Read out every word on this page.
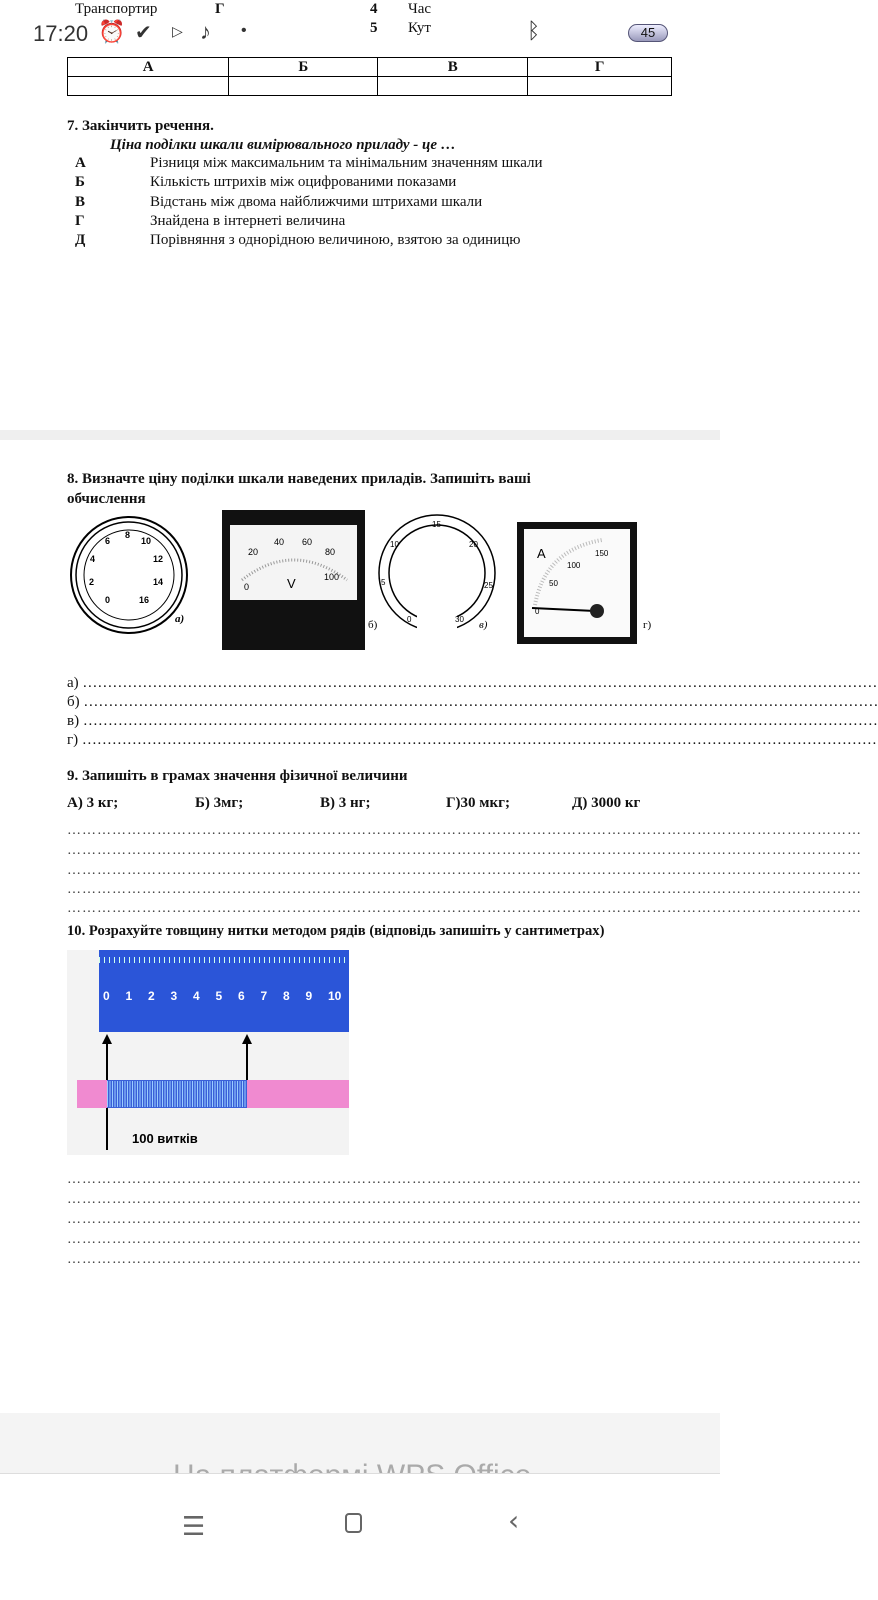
Транспортир	Г	4 Час
5 Кут
17:20 ⏰ ✔ ▷ ♪ •	ᛒ	45
А	Б	В	Г

7. Закінчить речення.
Ціна поділки шкали вимірювального приладу - це …
А	Різниця між максимальним та мінімальним значенням шкали
Б	Кількість штрихів між оцифрованими показами
В	Відстань між двома найближчими штрихами шкали
Г	Знайдена в інтернеті величина
Д	Порівняння з однорідною величиною, взятою за одиницю
8. Визначте ціну поділки шкали наведених приладів. Запишіть ваші
обчислення
0
2
4
6
8
10
12
14
16
а)
0
20
40 60
80
100
V
б)	0
5
10
15
20
25
30 в)
A
0
50
100
150
г)
а) ……………………………………………………………………………………………………………………………………………
б) ……………………………………………………………………………………………………………………………………………
в) ……………………………………………………………………………………………………………………………………………
г) ……………………………………………………………………………………………………………………………………………
9. Запишіть в грамах значення фізичної величини
А) 3 кг;	Б) 3мг;	В) 3 нг;	Г)30 мкг;	Д) 3000 кг
……………………………………………………………………………………………………………………………………………
……………………………………………………………………………………………………………………………………………
……………………………………………………………………………………………………………………………………………
……………………………………………………………………………………………………………………………………………
……………………………………………………………………………………………………………………………………………
10. Розрахуйте товщину нитки методом рядів (відповідь запишіть у сантиметрах)
0 1 2 3 4 5 6 7 8 9 10
100 витків
……………………………………………………………………………………………………………………………………………
……………………………………………………………………………………………………………………………………………
……………………………………………………………………………………………………………………………………………
……………………………………………………………………………………………………………………………………………
……………………………………………………………………………………………………………………………………………
☰	‹
